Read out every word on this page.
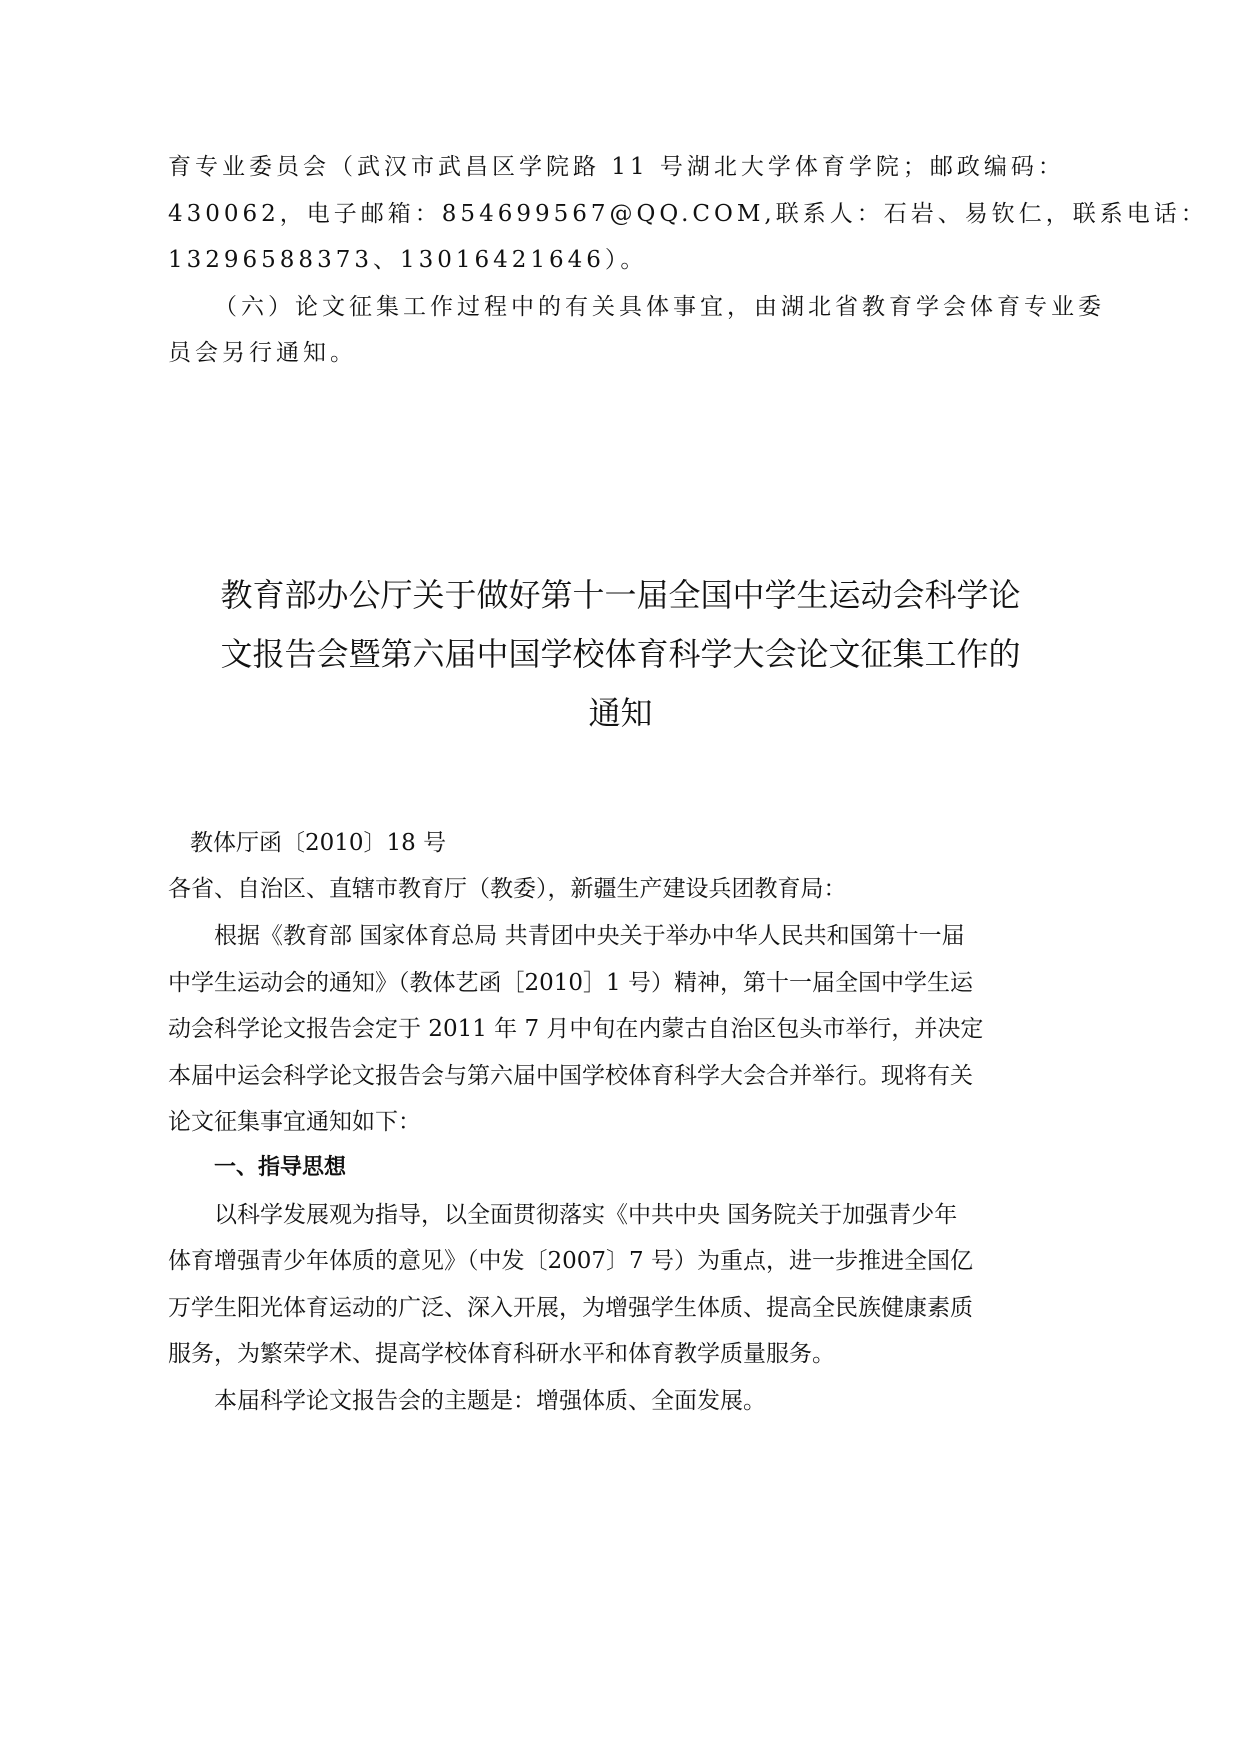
育专业委员会（武汉市武昌区学院路 11 号湖北大学体育学院；邮政编码：
430062，电子邮箱：854699567@QQ.COM,联系人：石岩、易钦仁，联系电话：
13296588373、13016421646）。
（六）论文征集工作过程中的有关具体事宜，由湖北省教育学会体育专业委
员会另行通知。
教育部办公厅关于做好第十一届全国中学生运动会科学论
文报告会暨第六届中国学校体育科学大会论文征集工作的
通知
教体厅函〔2010〕18 号
各省、自治区、直辖市教育厅（教委），新疆生产建设兵团教育局：
根据《教育部 国家体育总局 共青团中央关于举办中华人民共和国第十一届
中学生运动会的通知》（教体艺函［2010］1 号）精神，第十一届全国中学生运
动会科学论文报告会定于 2011 年 7 月中旬在内蒙古自治区包头市举行，并决定
本届中运会科学论文报告会与第六届中国学校体育科学大会合并举行。现将有关
论文征集事宜通知如下：
一、指导思想
以科学发展观为指导，以全面贯彻落实《中共中央 国务院关于加强青少年
体育增强青少年体质的意见》（中发〔2007〕7 号）为重点，进一步推进全国亿
万学生阳光体育运动的广泛、深入开展，为增强学生体质、提高全民族健康素质
服务，为繁荣学术、提高学校体育科研水平和体育教学质量服务。
本届科学论文报告会的主题是：增强体质、全面发展。
